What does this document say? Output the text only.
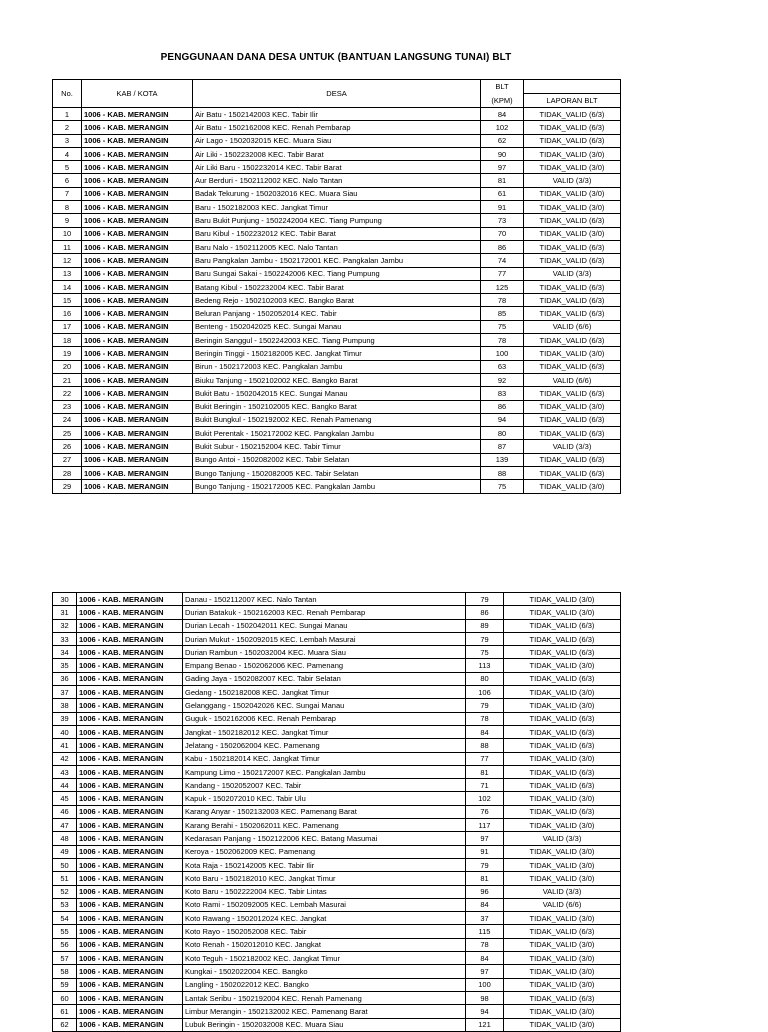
PENGGUNAAN DANA DESA UNTUK (BANTUAN LANGSUNG TUNAI) BLT
No.	KAB / KOTA	DESA	BLT	
			(KPM)	LAPORAN BLT
1	1006 - KAB. MERANGIN	Air Batu - 1502142003 KEC. Tabir Ilir	84	TIDAK_VALID (6/3)
2	1006 - KAB. MERANGIN	Air Batu - 1502162008 KEC. Renah Pembarap	102	TIDAK_VALID (6/3)
3	1006 - KAB. MERANGIN	Air Lago - 1502032015 KEC. Muara Siau	62	TIDAK_VALID (6/3)
4	1006 - KAB. MERANGIN	Air Liki - 1502232008 KEC. Tabir Barat	90	TIDAK_VALID (3/0)
5	1006 - KAB. MERANGIN	Air Liki Baru - 1502232014 KEC. Tabir Barat	97	TIDAK_VALID (3/0)
6	1006 - KAB. MERANGIN	Aur Berduri - 1502112002 KEC. Nalo Tantan	81	VALID (3/3)
7	1006 - KAB. MERANGIN	Badak Tekurung - 1502032016 KEC. Muara Siau	61	TIDAK_VALID (3/0)
8	1006 - KAB. MERANGIN	Baru - 1502182003 KEC. Jangkat Timur	91	TIDAK_VALID (3/0)
9	1006 - KAB. MERANGIN	Baru Bukit Punjung - 1502242004 KEC. Tiang Pumpung	73	TIDAK_VALID (6/3)
10	1006 - KAB. MERANGIN	Baru Kibul - 1502232012 KEC. Tabir Barat	70	TIDAK_VALID (3/0)
11	1006 - KAB. MERANGIN	Baru Nalo - 1502112005 KEC. Nalo Tantan	86	TIDAK_VALID (6/3)
12	1006 - KAB. MERANGIN	Baru Pangkalan Jambu - 1502172001 KEC. Pangkalan Jambu	74	TIDAK_VALID (6/3)
13	1006 - KAB. MERANGIN	Baru Sungai Sakai - 1502242006 KEC. Tiang Pumpung	77	VALID (3/3)
14	1006 - KAB. MERANGIN	Batang Kibul - 1502232004 KEC. Tabir Barat	125	TIDAK_VALID (6/3)
15	1006 - KAB. MERANGIN	Bedeng Rejo - 1502102003 KEC. Bangko Barat	78	TIDAK_VALID (6/3)
16	1006 - KAB. MERANGIN	Beluran Panjang - 1502052014 KEC. Tabir	85	TIDAK_VALID (6/3)
17	1006 - KAB. MERANGIN	Benteng - 1502042025 KEC. Sungai Manau	75	VALID (6/6)
18	1006 - KAB. MERANGIN	Beringin Sanggul - 1502242003 KEC. Tiang Pumpung	78	TIDAK_VALID (6/3)
19	1006 - KAB. MERANGIN	Beringin Tinggi - 1502182005 KEC. Jangkat Timur	100	TIDAK_VALID (3/0)
20	1006 - KAB. MERANGIN	Birun - 1502172003 KEC. Pangkalan Jambu	63	TIDAK_VALID (6/3)
21	1006 - KAB. MERANGIN	Biuku Tanjung - 1502102002 KEC. Bangko Barat	92	VALID (6/6)
22	1006 - KAB. MERANGIN	Bukit Batu - 1502042015 KEC. Sungai Manau	83	TIDAK_VALID (6/3)
23	1006 - KAB. MERANGIN	Bukit Beringin - 1502102005 KEC. Bangko Barat	86	TIDAK_VALID (3/0)
24	1006 - KAB. MERANGIN	Bukit Bungkul - 1502192002 KEC. Renah Pamenang	94	TIDAK_VALID (6/3)
25	1006 - KAB. MERANGIN	Bukit Perentak - 1502172002 KEC. Pangkalan Jambu	80	TIDAK_VALID (6/3)
26	1006 - KAB. MERANGIN	Bukit Subur - 1502152004 KEC. Tabir Timur	87	VALID (3/3)
27	1006 - KAB. MERANGIN	Bungo Antoi - 1502082002 KEC. Tabir Selatan	139	TIDAK_VALID (6/3)
28	1006 - KAB. MERANGIN	Bungo Tanjung - 1502082005 KEC. Tabir Selatan	88	TIDAK_VALID (6/3)
29	1006 - KAB. MERANGIN	Bungo Tanjung - 1502172005 KEC. Pangkalan Jambu	75	TIDAK_VALID (3/0)
30	1006 - KAB. MERANGIN	Danau - 1502112007 KEC. Nalo Tantan	79	TIDAK_VALID (3/0)
31	1006 - KAB. MERANGIN	Durian Batakuk - 1502162003 KEC. Renah Pembarap	86	TIDAK_VALID (3/0)
32	1006 - KAB. MERANGIN	Durian Lecah - 1502042011 KEC. Sungai Manau	89	TIDAK_VALID (6/3)
33	1006 - KAB. MERANGIN	Durian Mukut - 1502092015 KEC. Lembah Masurai	79	TIDAK_VALID (6/3)
34	1006 - KAB. MERANGIN	Durian Rambun - 1502032004 KEC. Muara Siau	75	TIDAK_VALID (6/3)
35	1006 - KAB. MERANGIN	Empang Benao - 1502062006 KEC. Pamenang	113	TIDAK_VALID (3/0)
36	1006 - KAB. MERANGIN	Gading Jaya - 1502082007 KEC. Tabir Selatan	80	TIDAK_VALID (6/3)
37	1006 - KAB. MERANGIN	Gedang - 1502182008 KEC. Jangkat Timur	106	TIDAK_VALID (3/0)
38	1006 - KAB. MERANGIN	Gelanggang - 1502042026 KEC. Sungai Manau	79	TIDAK_VALID (3/0)
39	1006 - KAB. MERANGIN	Guguk - 1502162006 KEC. Renah Pembarap	78	TIDAK_VALID (6/3)
40	1006 - KAB. MERANGIN	Jangkat - 1502182012 KEC. Jangkat Timur	84	TIDAK_VALID (6/3)
41	1006 - KAB. MERANGIN	Jelatang - 1502062004 KEC. Pamenang	88	TIDAK_VALID (6/3)
42	1006 - KAB. MERANGIN	Kabu - 1502182014 KEC. Jangkat Timur	77	TIDAK_VALID (3/0)
43	1006 - KAB. MERANGIN	Kampung Limo - 1502172007 KEC. Pangkalan Jambu	81	TIDAK_VALID (6/3)
44	1006 - KAB. MERANGIN	Kandang - 1502052007 KEC. Tabir	71	TIDAK_VALID (6/3)
45	1006 - KAB. MERANGIN	Kapuk - 1502072010 KEC. Tabir Ulu	102	TIDAK_VALID (3/0)
46	1006 - KAB. MERANGIN	Karang Anyar - 1502132003 KEC. Pamenang Barat	76	TIDAK_VALID (6/3)
47	1006 - KAB. MERANGIN	Karang Berahi - 1502062011 KEC. Pamenang	117	TIDAK_VALID (3/0)
48	1006 - KAB. MERANGIN	Kedarasan Panjang - 1502122006 KEC. Batang Masumai	97	VALID (3/3)
49	1006 - KAB. MERANGIN	Keroya - 1502062009 KEC. Pamenang	91	TIDAK_VALID (3/0)
50	1006 - KAB. MERANGIN	Kota Raja - 1502142005 KEC. Tabir Ilir	79	TIDAK_VALID (3/0)
51	1006 - KAB. MERANGIN	Koto Baru - 1502182010 KEC. Jangkat Timur	81	TIDAK_VALID (3/0)
52	1006 - KAB. MERANGIN	Koto Baru - 1502222004 KEC. Tabir Lintas	96	VALID (3/3)
53	1006 - KAB. MERANGIN	Koto Rami - 1502092005 KEC. Lembah Masurai	84	VALID (6/6)
54	1006 - KAB. MERANGIN	Koto Rawang - 1502012024 KEC. Jangkat	37	TIDAK_VALID (3/0)
55	1006 - KAB. MERANGIN	Koto Rayo - 1502052008 KEC. Tabir	115	TIDAK_VALID (6/3)
56	1006 - KAB. MERANGIN	Koto Renah - 1502012010 KEC. Jangkat	78	TIDAK_VALID (3/0)
57	1006 - KAB. MERANGIN	Koto Teguh - 1502182002 KEC. Jangkat Timur	84	TIDAK_VALID (3/0)
58	1006 - KAB. MERANGIN	Kungkai - 1502022004 KEC. Bangko	97	TIDAK_VALID (3/0)
59	1006 - KAB. MERANGIN	Langling - 1502022012 KEC. Bangko	100	TIDAK_VALID (3/0)
60	1006 - KAB. MERANGIN	Lantak Seribu - 1502192004 KEC. Renah Pamenang	98	TIDAK_VALID (6/3)
61	1006 - KAB. MERANGIN	Limbur Merangin - 1502132002 KEC. Pamenang Barat	94	TIDAK_VALID (3/0)
62	1006 - KAB. MERANGIN	Lubuk Beringin - 1502032008 KEC. Muara Siau	121	TIDAK_VALID (3/0)
